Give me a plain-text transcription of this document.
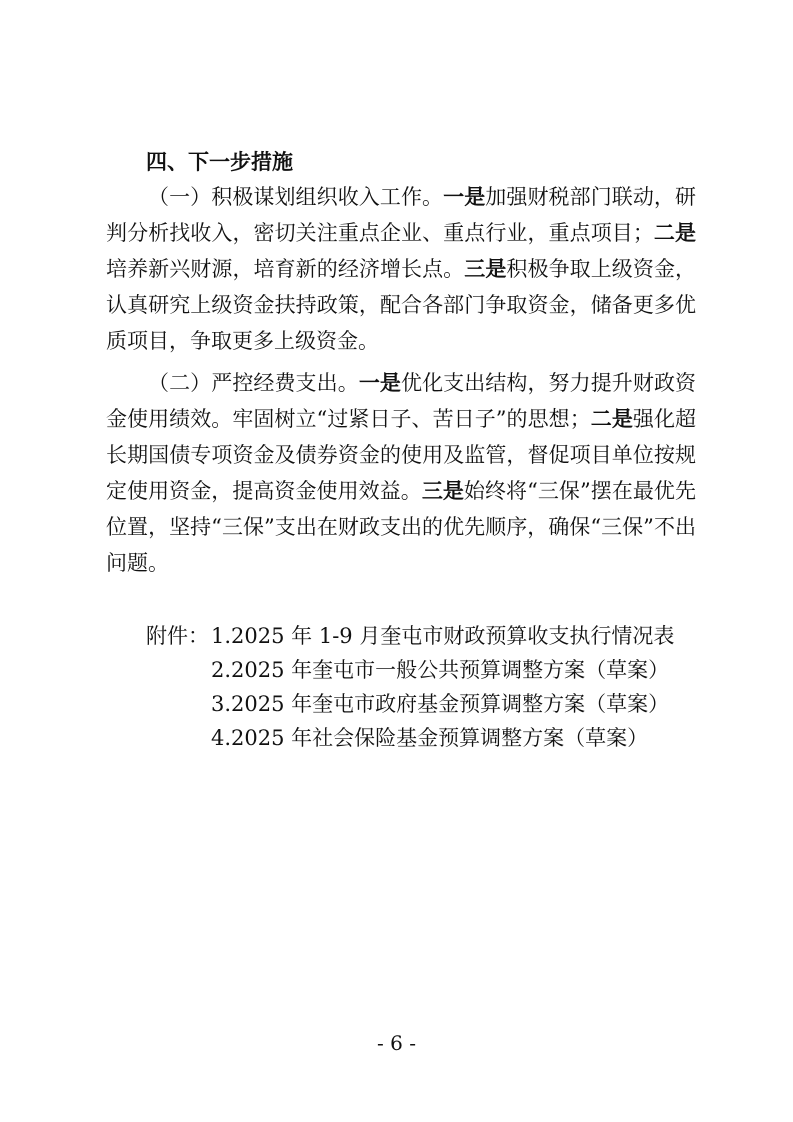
四、下一步措施

（一）积极谋划组织收入工作。一是加强财税部门联动，研判分析找收入，密切关注重点企业、重点行业，重点项目；二是培养新兴财源，培育新的经济增长点。三是积极争取上级资金，认真研究上级资金扶持政策，配合各部门争取资金，储备更多优质项目，争取更多上级资金。

（二）严控经费支出。一是优化支出结构，努力提升财政资金使用绩效。牢固树立“过紧日子、苦日子”的思想；二是强化超长期国债专项资金及债券资金的使用及监管，督促项目单位按规定使用资金，提高资金使用效益。三是始终将“三保”摆在最优先位置，坚持“三保”支出在财政支出的优先顺序，确保“三保”不出问题。

附件： 1.2025 年 1-9 月奎屯市财政预算收支执行情况表
2.2025 年奎屯市一般公共预算调整方案（草案）
3.2025 年奎屯市政府基金预算调整方案（草案）
4.2025 年社会保险基金预算调整方案（草案）
- 6 -
